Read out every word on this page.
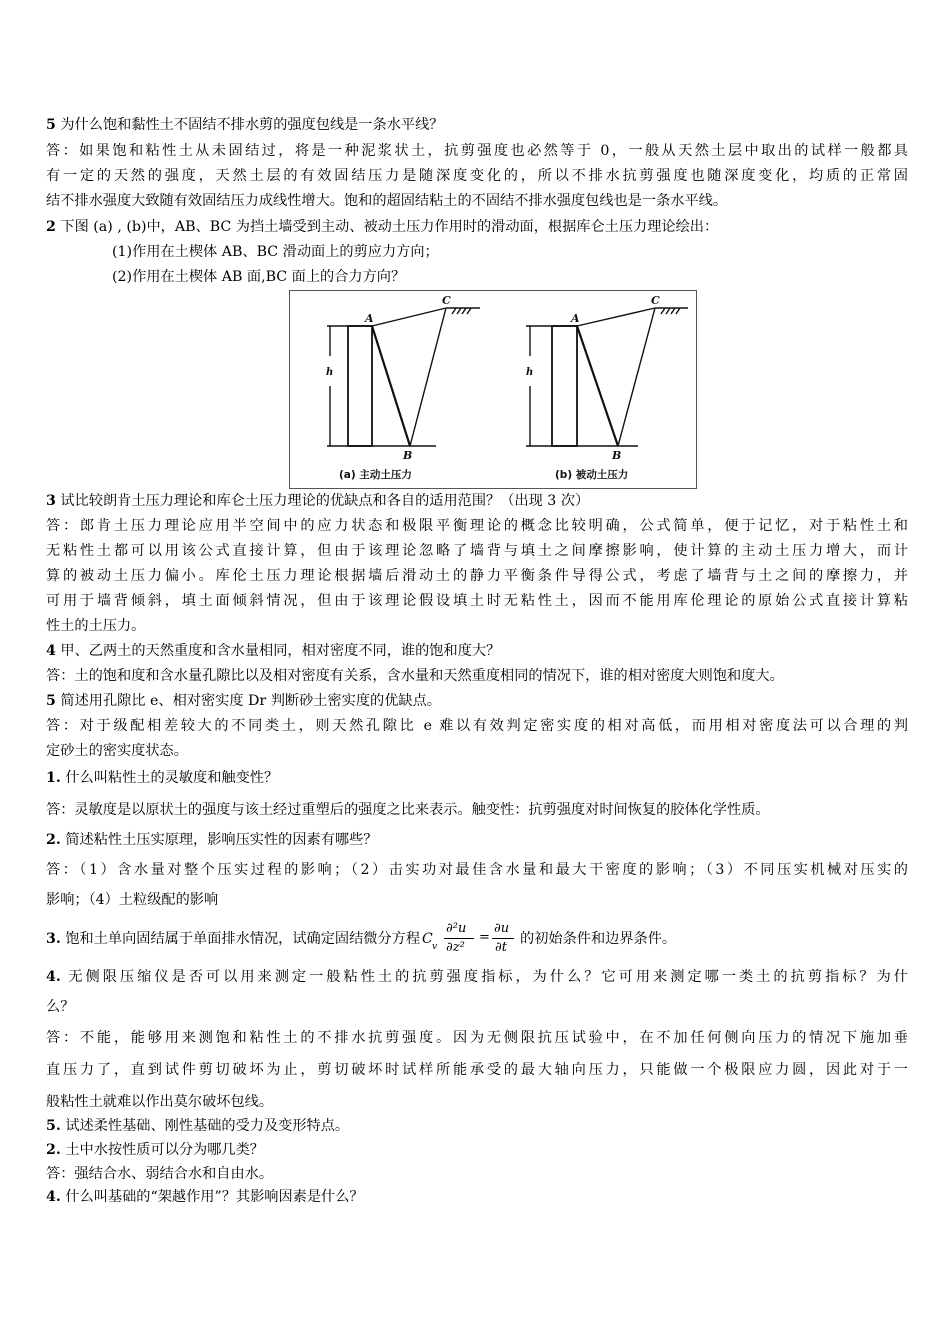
5 为什么饱和黏性土不固结不排水剪的强度包线是一条水平线？
答：如果饱和粘性土从未固结过，将是一种泥浆状土，抗剪强度也必然等于 0，一般从天然土层中取出的试样一般都具
有一定的天然的强度，天然土层的有效固结压力是随深度变化的，所以不排水抗剪强度也随深度变化，均质的正常固
结不排水强度大致随有效固结压力成线性增大。饱和的超固结粘土的不固结不排水强度包线也是一条水平线。
2 下图 (a) , (b)中，AB、BC 为挡土墙受到主动、被动土压力作用时的滑动面，根据库仑土压力理论绘出：
(1)作用在土楔体 AB、BC 滑动面上的剪应力方向；
(2)作用在土楔体 AB 面,BC 面上的合力方向？
A
B
C
h
A
B
C
h
(a) 主动土压力	(b) 被动土压力
3 试比较朗肯土压力理论和库仑土压力理论的优缺点和各自的适用范围？（出现 3 次）
答：郎肯土压力理论应用半空间中的应力状态和极限平衡理论的概念比较明确，公式简单，便于记忆，对于粘性土和
无粘性土都可以用该公式直接计算，但由于该理论忽略了墙背与填土之间摩擦影响，使计算的主动土压力增大，而计
算的被动土压力偏小。库伦土压力理论根据墙后滑动土的静力平衡条件导得公式，考虑了墙背与土之间的摩擦力，并
可用于墙背倾斜，填土面倾斜情况，但由于该理论假设填土时无粘性土，因而不能用库伦理论的原始公式直接计算粘
性土的土压力。
4 甲、乙两土的天然重度和含水量相同，相对密度不同，谁的饱和度大？
答：土的饱和度和含水量孔隙比以及相对密度有关系，含水量和天然重度相同的情况下，谁的相对密度大则饱和度大。
5 简述用孔隙比 e、相对密实度 Dr 判断砂土密实度的优缺点。
答：对于级配相差较大的不同类土，则天然孔隙比 e 难以有效判定密实度的相对高低，而用相对密度法可以合理的判
定砂土的密实度状态。
1. 什么叫粘性土的灵敏度和触变性？
答：灵敏度是以原状土的强度与该土经过重塑后的强度之比来表示。触变性：抗剪强度对时间恢复的胶体化学性质。
2. 简述粘性土压实原理，影响压实性的因素有哪些？
答：（1）含水量对整个压实过程的影响；（2）击实功对最佳含水量和最大干密度的影响；（3）不同压实机械对压实的
影响；（4）土粒级配的影响
3. 饱和土单向固结属于单面排水情况，试确定固结微分方程 C v
∂²u
∂z²
=
∂u
∂t
的初始条件和边界条件。
4. 无侧限压缩仪是否可以用来测定一般粘性土的抗剪强度指标，为什么？它可用来测定哪一类土的抗剪指标？为什
么？
答：不能，能够用来测饱和粘性土的不排水抗剪强度。因为无侧限抗压试验中，在不加任何侧向压力的情况下施加垂
直压力了，直到试件剪切破坏为止，剪切破坏时试样所能承受的最大轴向压力，只能做一个极限应力圆，因此对于一
般粘性土就难以作出莫尔破坏包线。
5. 试述柔性基础、刚性基础的受力及变形特点。
2. 土中水按性质可以分为哪几类？
答：强结合水、弱结合水和自由水。
4. 什么叫基础的“架越作用”？其影响因素是什么？
